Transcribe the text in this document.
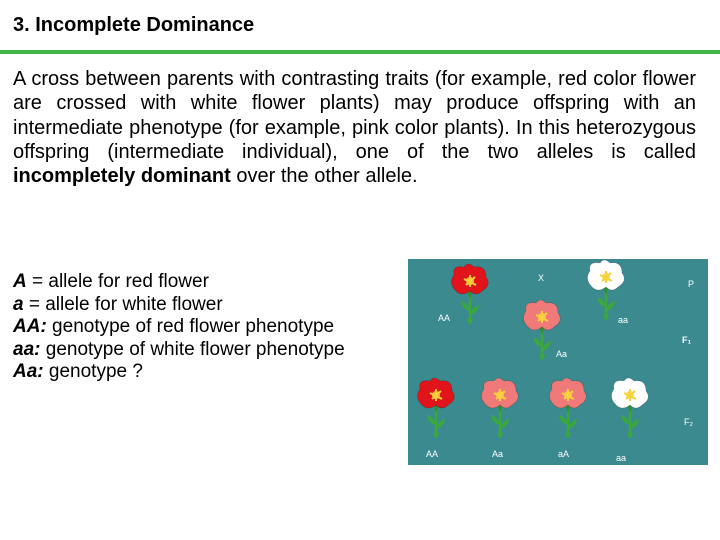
3. Incomplete Dominance

A cross between parents with contrasting traits (for example, red color flower are crossed with white flower plants) may produce offspring with an intermediate phenotype (for example, pink color plants). In this heterozygous offspring (intermediate individual), one of the two alleles is called incompletely dominant over the other allele.

A = allele for red flower
a = allele for white flower
AA: genotype of red flower phenotype
aa: genotype of white flower phenotype
Aa: genotype ?
X
P
AA	aa
Aa
F₁
F₂
AA	Aa	aA	aa
